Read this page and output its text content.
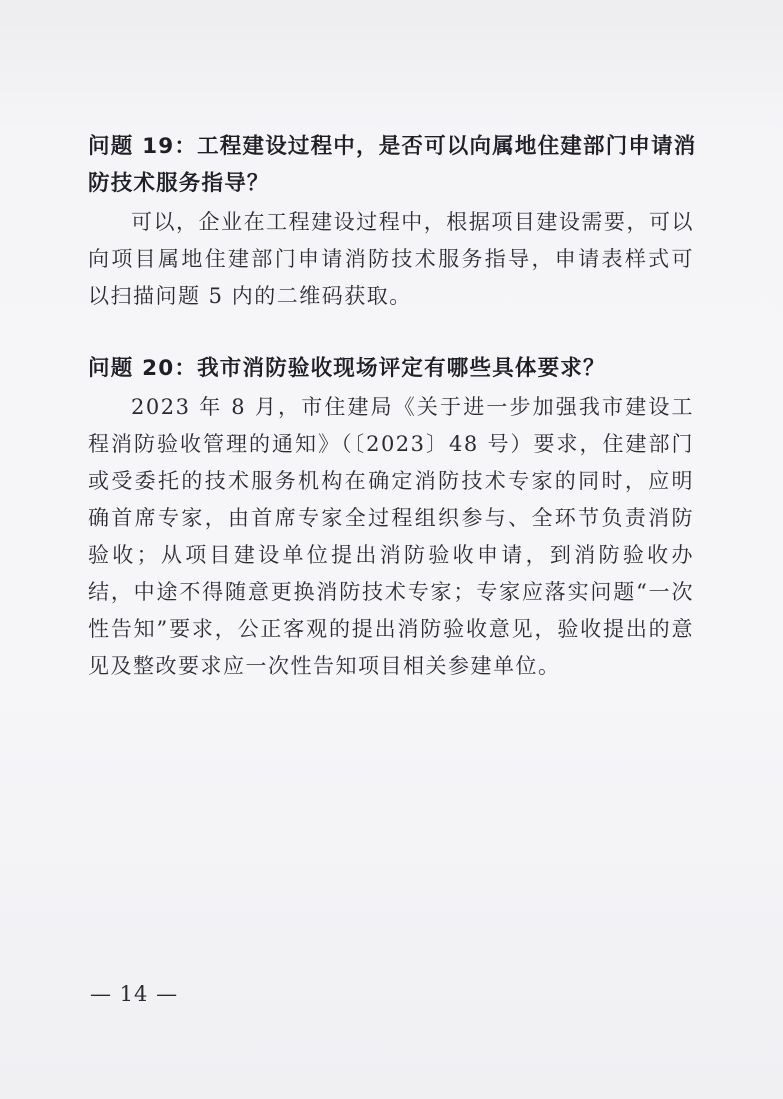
问题 19：工程建设过程中，是否可以向属地住建部门申请消防技术服务指导？

可以，企业在工程建设过程中，根据项目建设需要，可以向项目属地住建部门申请消防技术服务指导，申请表样式可以扫描问题 5 内的二维码获取。

问题 20：我市消防验收现场评定有哪些具体要求？

2023 年 8 月，市住建局《关于进一步加强我市建设工程消防验收管理的通知》（〔2023〕48 号）要求，住建部门或受委托的技术服务机构在确定消防技术专家的同时，应明确首席专家，由首席专家全过程组织参与、全环节负责消防验收；从项目建设单位提出消防验收申请，到消防验收办结，中途不得随意更换消防技术专家；专家应落实问题“一次性告知”要求，公正客观的提出消防验收意见，验收提出的意见及整改要求应一次性告知项目相关参建单位。

— 14 —
